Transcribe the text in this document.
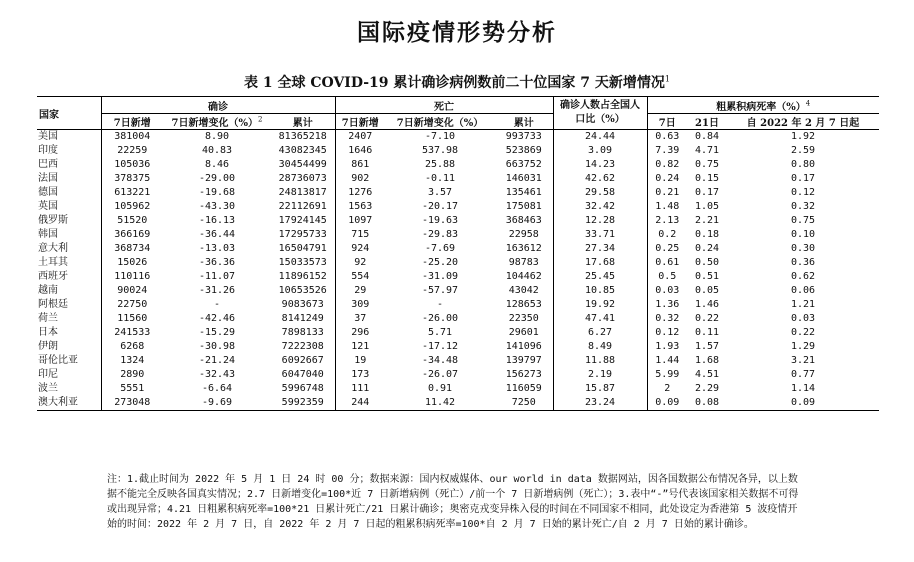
国际疫情形势分析
表 1 全球 COVID-19 累计确诊病例数前二十位国家 7 天新增情况$^1$
国家	确诊			死亡			确诊人数占全国人口比（%）	粗累积病死率（%）$^4$
	7日新增	7日新增变化（%）$^2$	累计	7日新增	7日新增变化（%）	累计		7日	21日	自 2022 年 2 月 7 日起
美国	381004	8.90	81365218	2407	-7.10	993733	24.44	0.63	0.84	1.92
印度	22259	40.83	43082345	1646	537.98	523869	3.09	7.39	4.71	2.59
巴西	105036	8.46	30454499	861	25.88	663752	14.23	0.82	0.75	0.80
法国	378375	-29.00	28736073	902	-0.11	146031	42.62	0.24	0.15	0.17
德国	613221	-19.68	24813817	1276	3.57	135461	29.58	0.21	0.17	0.12
英国	105962	-43.30	22112691	1563	-20.17	175081	32.42	1.48	1.05	0.32
俄罗斯	51520	-16.13	17924145	1097	-19.63	368463	12.28	2.13	2.21	0.75
韩国	366169	-36.44	17295733	715	-29.83	22958	33.71	0.2	0.18	0.10
意大利	368734	-13.03	16504791	924	-7.69	163612	27.34	0.25	0.24	0.30
土耳其	15026	-36.36	15033573	92	-25.20	98783	17.68	0.61	0.50	0.36
西班牙	110116	-11.07	11896152	554	-31.09	104462	25.45	0.5	0.51	0.62
越南	90024	-31.26	10653526	29	-57.97	43042	10.85	0.03	0.05	0.06
阿根廷	22750	-	9083673	309	-	128653	19.92	1.36	1.46	1.21
荷兰	11560	-42.46	8141249	37	-26.00	22350	47.41	0.32	0.22	0.03
日本	241533	-15.29	7898133	296	5.71	29601	6.27	0.12	0.11	0.22
伊朗	6268	-30.98	7222308	121	-17.12	141096	8.49	1.93	1.57	1.29
哥伦比亚	1324	-21.24	6092667	19	-34.48	139797	11.88	1.44	1.68	3.21
印尼	2890	-32.43	6047040	173	-26.07	156273	2.19	5.99	4.51	0.77
波兰	5551	-6.64	5996748	111	0.91	116059	15.87	2	2.29	1.14
澳大利亚	273048	-9.69	5992359	244	11.42	7250	23.24	0.09	0.08	0.09
注：1.截止时间为 2022 年 5 月 1 日 24 时 00 分；数据来源：国内权威媒体、our world in data 数据网站，因各国数据公布情况各异，以上数据不能完全反映各国真实情况；2.7 日新增变化=100*近 7 日新增病例（死亡）/前一个 7 日新增病例（死亡）；3.表中“-”号代表该国家相关数据不可得或出现异常；4.21 日粗累积病死率=100*21 日累计死亡/21 日累计确诊；奥密克戎变异株入侵的时间在不同国家不相同，此处设定为香港第 5 波疫情开始的时间：2022 年 2 月 7 日，自 2022 年 2 月 7 日起的粗累积病死率=100*自 2 月 7 日始的累计死亡/自 2 月 7 日始的累计确诊。
